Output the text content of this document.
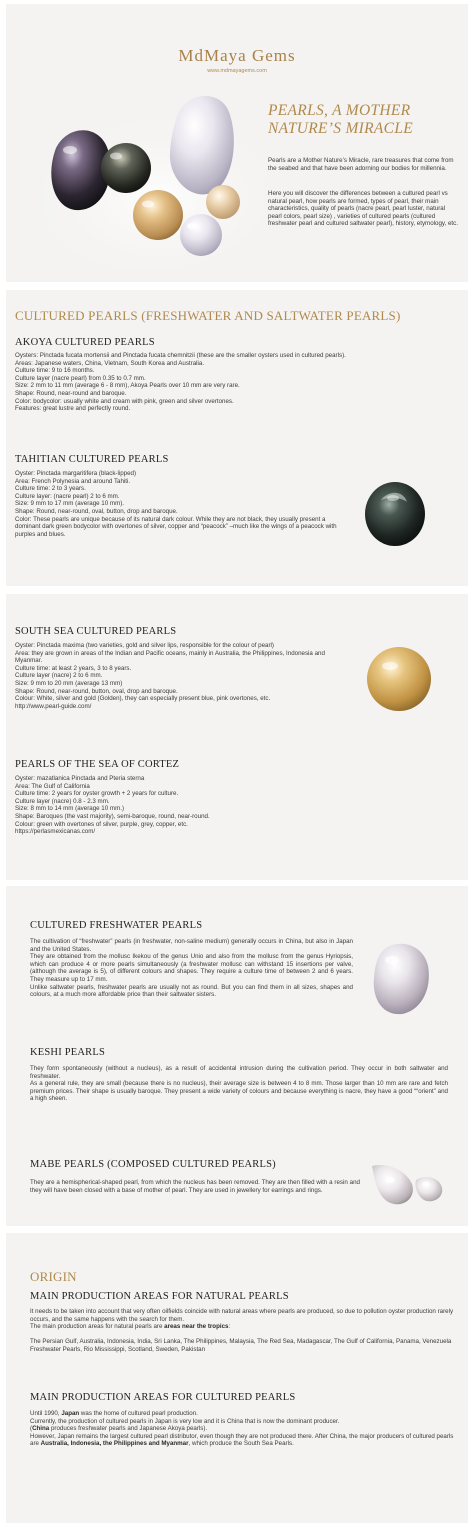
MdMaya Gems
www.mdmayagems.com
PEARLS, A MOTHER
NATURE’S MIRACLE
Pearls are a Mother Nature’s Miracle, rare treasures that come from the seabed and that have been adorning our bodies for millennia.
Here you will discover the differences between a cultured pearl vs natural pearl, how pearls are formed, types of pearl, their main characteristics, quality of pearls (nacre pearl, pearl luster, natural pearl colors, pearl size) , varieties of cultured pearls (cultured freshwater pearl and cultured saltwater pearl), history, etymology, etc.
CULTURED PEARLS (FRESHWATER AND SALTWATER PEARLS)
AKOYA CULTURED PEARLS
Oysters: Pinctada fucata mortensii and Pinctada fucata chemnitzii (these are the smaller oysters used in cultured pearls).
Areas: Japanese waters, China, Vietnam, South Korea and Australia.
Culture time: 9 to 16 months.
Culture layer (nacre pearl) from 0.35 to 0.7 mm.
Size: 2 mm to 11 mm (average 6 - 8 mm), Akoya Pearls over 10 mm are very rare.
Shape: Round, near-round and baroque.
Color: bodycolor: usually white and cream with pink, green and silver overtones.
Features: great lustre and perfectly round.
TAHITIAN CULTURED PEARLS
Oyster: Pinctada margaritifera (black-lipped)
Area: French Polynesia and around Tahiti.
Culture time: 2 to 3 years.
Culture layer: (nacre pearl) 2 to 6 mm.
Size: 9 mm to 17 mm (average 10 mm).
Shape: Round, near-round, oval, button, drop and baroque.
Color: These pearls are unique because of its natural dark colour. While they are not black, they usually present a dominant dark green bodycolor with overtones of silver, copper and “peacock” –much like the wings of a peacock with purples and blues.
SOUTH SEA CULTURED PEARLS
Oyster: Pinctada maxima (two varieties, gold and silver lips, responsible for the colour of pearl)
Area: they are grown in areas of the Indian and Pacific oceans, mainly in Australia, the Philippines, Indonesia and Myanmar.
Culture time: at least 2 years, 3 to 8 years.
Culture layer (nacre) 2 to 6 mm.
Size: 9 mm to 20 mm (average 13 mm)
Shape: Round, near-round, button, oval, drop and baroque.
Colour: White, silver and gold (Golden), they can especially present blue, pink overtones, etc.
http://www.pearl-guide.com/
PEARLS OF THE SEA OF CORTEZ
Oyster: mazatlanica Pinctada and Pteria sterna
Area: The Gulf of California
Culture time: 2 years for oyster growth + 2 years for culture.
Culture layer (nacre) 0.8 - 2.3 mm.
Size: 8 mm to 14 mm (average 10 mm.)
Shape: Baroques (the vast majority), semi-baroque, round, near-round.
Colour: green with overtones of silver, purple, grey, copper, etc.
https://perlasmexicanas.com/
CULTURED FRESHWATER PEARLS
The cultivation of “freshwater” pearls (in freshwater, non-saline medium) generally occurs in China, but also in Japan and the United States.
They are obtained from the mollusc Ikekou of the genus Unio and also from the mollusc from the genus Hyriopsis, which can produce 4 or more pearls simultaneously (a freshwater mollusc can withstand 15 insertions per valve, (although the average is 5), of different colours and shapes. They require a culture time of between 2 and 6 years. They measure up to 17 mm.
Unlike saltwater pearls, freshwater pearls are usually not as round. But you can find them in all sizes, shapes and colours, at a much more affordable price than their saltwater sisters.
KESHI PEARLS
They form spontaneously (without a nucleus), as a result of accidental intrusion during the cultivation period. They occur in both saltwater and freshwater.
As a general rule, they are small (because there is no nucleus), their average size is between 4 to 8 mm. Those larger than 10 mm are rare and fetch premium prices. Their shape is usually baroque. They present a wide variety of colours and because everything is nacre, they have a good ““orient” and a high sheen.
MABE PEARLS (COMPOSED CULTURED PEARLS)
They are a hemispherical-shaped pearl, from which the nucleus has been removed. They are then filled with a resin and they will have been closed with a base of mother of pearl. They are used in jewellery for earrings and rings.
ORIGIN
MAIN PRODUCTION AREAS FOR NATURAL PEARLS
It needs to be taken into account that very often oilfields coincide with natural areas where pearls are produced, so due to pollution oyster production rarely occurs, and the same happens with the search for them.
The main production areas for natural pearls are areas near the tropics:
The Persian Gulf, Australia, Indonesia, India, Sri Lanka, The Philippines, Malaysia, The Red Sea, Madagascar, The Gulf of California, Panama, Venezuela
Freshwater Pearls, Rio Mississippi, Scotland, Sweden, Pakistan
MAIN PRODUCTION AREAS FOR CULTURED PEARLS
Until 1990, Japan was the home of cultured pearl production.
Currently, the production of cultured pearls in Japan is very low and it is China that is now the dominant producer.
(China produces freshwater pearls and Japanese Akoya pearls).
However, Japan remains the largest cultured pearl distributor, even though they are not produced there. After China, the major producers of cultured pearls are Australia, Indonesia, the Philippines and Myanmar, which produce the South Sea Pearls.
